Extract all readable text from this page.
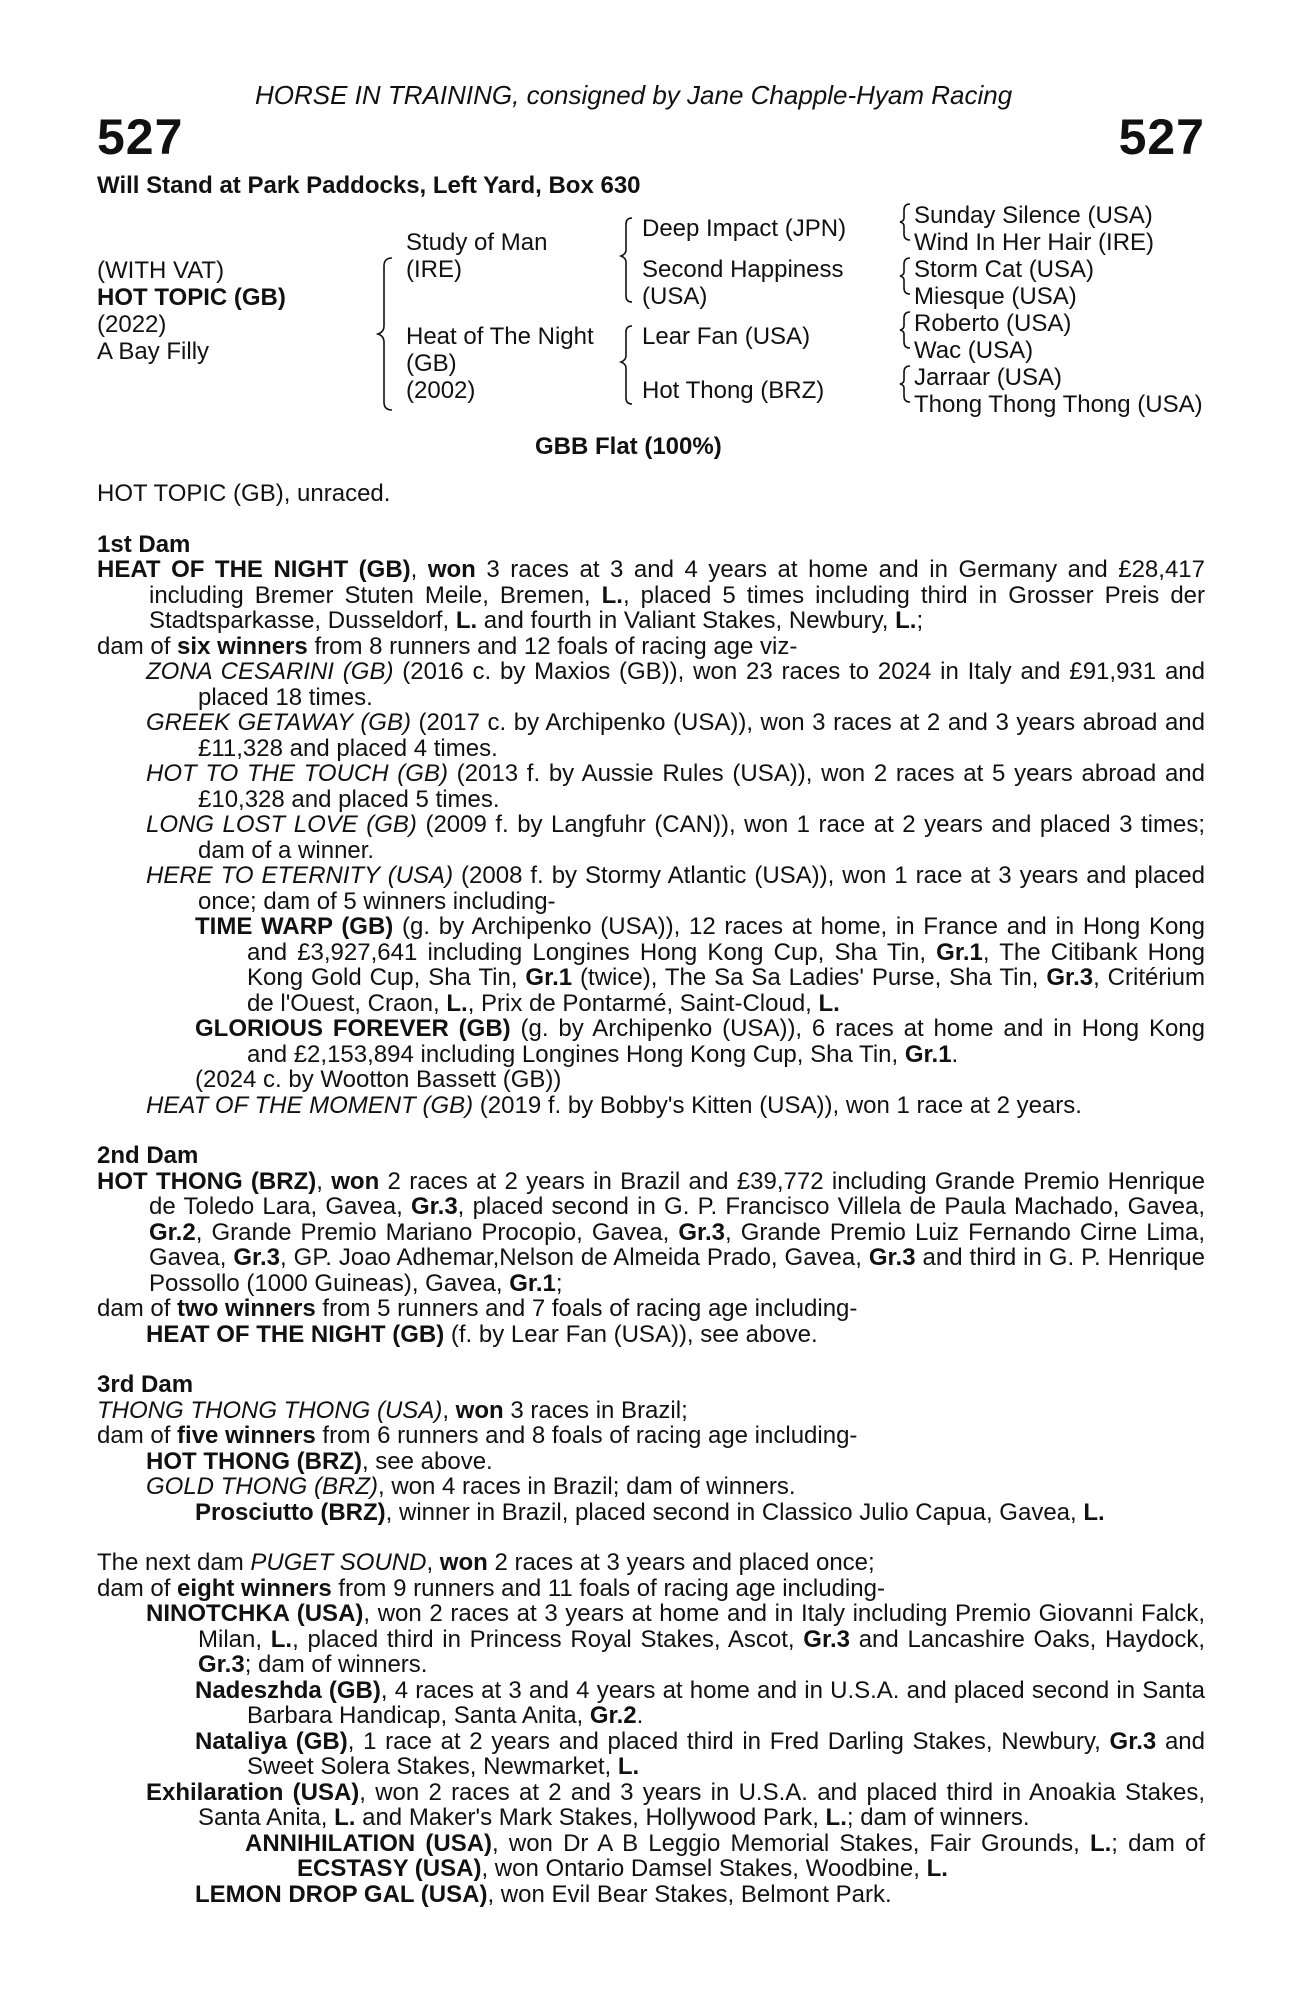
HORSE IN TRAINING, consigned by Jane Chapple-Hyam Racing
527	527
Will Stand at Park Paddocks, Left Yard, Box 630
(WITH VAT)
HOT TOPIC (GB)
(2022)
A Bay Filly
Study of Man
(IRE)
Heat of The Night
(GB)
(2002)
Deep Impact (JPN)
Second Happiness
(USA)
Lear Fan (USA)
Hot Thong (BRZ)
Sunday Silence (USA)
Wind In Her Hair (IRE)
Storm Cat (USA)
Miesque (USA)
Roberto (USA)
Wac (USA)
Jarraar (USA)
Thong Thong Thong (USA)
GBB Flat (100%)

HOT TOPIC (GB), unraced.

1st Dam

HEAT OF THE NIGHT (GB), won 3 races at 3 and 4 years at home and in Germany and £28,417 including Bremer Stuten Meile, Bremen, L., placed 5 times including third in Grosser Preis der Stadtsparkasse, Dusseldorf, L. and fourth in Valiant Stakes, Newbury, L.;

dam of six winners from 8 runners and 12 foals of racing age viz-

ZONA CESARINI (GB) (2016 c. by Maxios (GB)), won 23 races to 2024 in Italy and £91,931 and placed 18 times.

GREEK GETAWAY (GB) (2017 c. by Archipenko (USA)), won 3 races at 2 and 3 years abroad and £11,328 and placed 4 times.

HOT TO THE TOUCH (GB) (2013 f. by Aussie Rules (USA)), won 2 races at 5 years abroad and £10,328 and placed 5 times.

LONG LOST LOVE (GB) (2009 f. by Langfuhr (CAN)), won 1 race at 2 years and placed 3 times; dam of a winner.

HERE TO ETERNITY (USA) (2008 f. by Stormy Atlantic (USA)), won 1 race at 3 years and placed once; dam of 5 winners including-

TIME WARP (GB) (g. by Archipenko (USA)), 12 races at home, in France and in Hong Kong and £3,927,641 including Longines Hong Kong Cup, Sha Tin, Gr.1, The Citibank Hong Kong Gold Cup, Sha Tin, Gr.1 (twice), The Sa Sa Ladies' Purse, Sha Tin, Gr.3, Critérium de l'Ouest, Craon, L., Prix de Pontarmé, Saint-Cloud, L.

GLORIOUS FOREVER (GB) (g. by Archipenko (USA)), 6 races at home and in Hong Kong and £2,153,894 including Longines Hong Kong Cup, Sha Tin, Gr.1.

(2024 c. by Wootton Bassett (GB))

HEAT OF THE MOMENT (GB) (2019 f. by Bobby's Kitten (USA)), won 1 race at 2 years.

2nd Dam

HOT THONG (BRZ), won 2 races at 2 years in Brazil and £39,772 including Grande Premio Henrique de Toledo Lara, Gavea, Gr.3, placed second in G. P. Francisco Villela de Paula Machado, Gavea, Gr.2, Grande Premio Mariano Procopio, Gavea, Gr.3, Grande Premio Luiz Fernando Cirne Lima, Gavea, Gr.3, GP. Joao Adhemar,Nelson de Almeida Prado, Gavea, Gr.3 and third in G. P. Henrique Possollo (1000 Guineas), Gavea, Gr.1;

dam of two winners from 5 runners and 7 foals of racing age including-

HEAT OF THE NIGHT (GB) (f. by Lear Fan (USA)), see above.

3rd Dam

THONG THONG THONG (USA), won 3 races in Brazil;

dam of five winners from 6 runners and 8 foals of racing age including-

HOT THONG (BRZ), see above.

GOLD THONG (BRZ), won 4 races in Brazil; dam of winners.

Prosciutto (BRZ), winner in Brazil, placed second in Classico Julio Capua, Gavea, L.

The next dam PUGET SOUND, won 2 races at 3 years and placed once;

dam of eight winners from 9 runners and 11 foals of racing age including-

NINOTCHKA (USA), won 2 races at 3 years at home and in Italy including Premio Giovanni Falck, Milan, L., placed third in Princess Royal Stakes, Ascot, Gr.3 and Lancashire Oaks, Haydock, Gr.3; dam of winners.

Nadeszhda (GB), 4 races at 3 and 4 years at home and in U.S.A. and placed second in Santa Barbara Handicap, Santa Anita, Gr.2.

Nataliya (GB), 1 race at 2 years and placed third in Fred Darling Stakes, Newbury, Gr.3 and Sweet Solera Stakes, Newmarket, L.

Exhilaration (USA), won 2 races at 2 and 3 years in U.S.A. and placed third in Anoakia Stakes, Santa Anita, L. and Maker's Mark Stakes, Hollywood Park, L.; dam of winners.

ANNIHILATION (USA), won Dr A B Leggio Memorial Stakes, Fair Grounds, L.; dam of ECSTASY (USA), won Ontario Damsel Stakes, Woodbine, L.

LEMON DROP GAL (USA), won Evil Bear Stakes, Belmont Park.
